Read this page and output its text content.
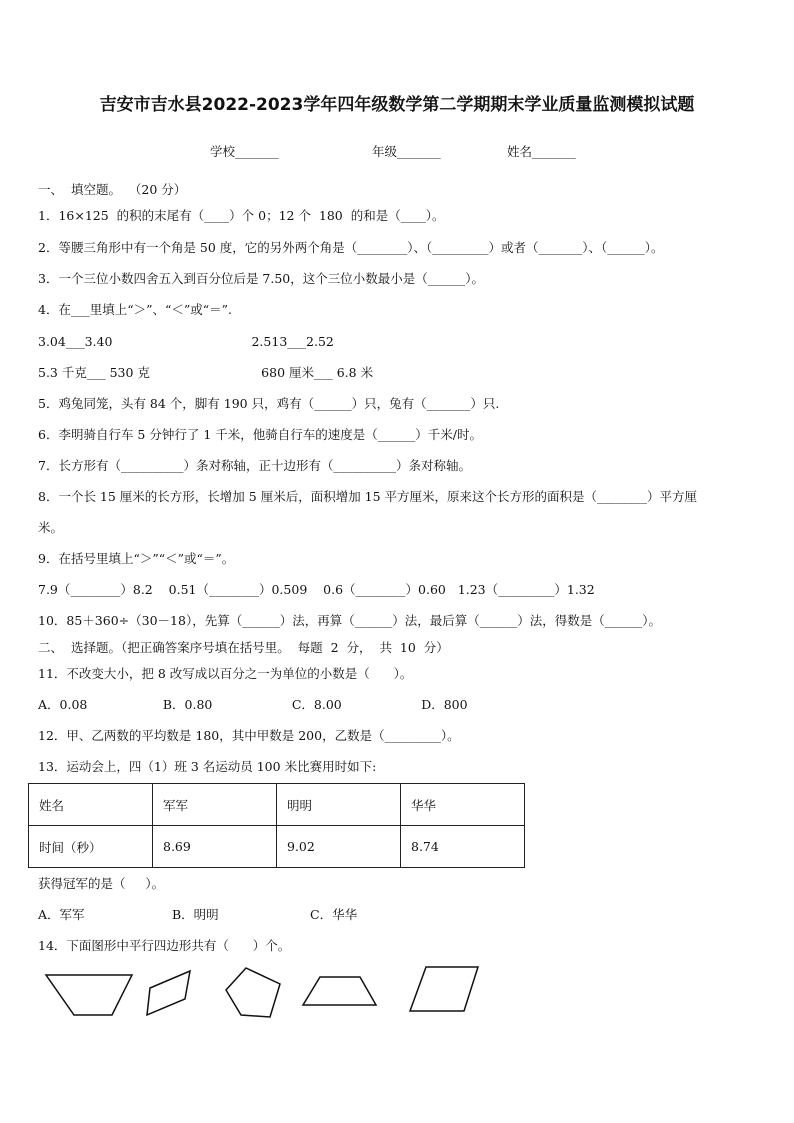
吉安市吉水县2022-2023学年四年级数学第二学期期末学业质量监测模拟试题
学校_______	年级_______	姓名_______
一、  填空题。  （20 分）
1．16×125  的积的末尾有（____）个 0；12 个  180  的和是（____）。
2．等腰三角形中有一个角是 50 度，它的另外两个角是（________）、（_________）或者（_______）、（______）。
3．一个三位小数四舍五入到百分位后是 7.50，这个三位小数最小是（______）。
4．在___里填上“＞”、“＜”或“＝”.
3.04___3.40                                   2.513___2.52
5.3 千克___ 530 克                            680 厘米___ 6.8 米
5．鸡兔同笼，头有 84 个，脚有 190 只，鸡有（______）只，兔有（_______）只.
6．李明骑自行车 5 分钟行了 1 千米，他骑自行车的速度是（______）千米/时。
7．长方形有（__________）条对称轴，正十边形有（__________）条对称轴。
8．一个长 15 厘米的长方形，长增加 5 厘米后，面积增加 15 平方厘米，原来这个长方形的面积是（________）平方厘
米。
9．在括号里填上“＞”“＜”或“＝”。
7.9（________）8.2    0.51（________）0.509    0.6（________）0.60   1.23（_________）1.32
10．85＋360÷（30－18），先算（______）法，再算（______）法，最后算（______）法，得数是（______）。
二、  选择题。（把正确答案序号填在括号里。  每题  2  分，  共  10  分）
11．不改变大小，把 8 改写成以百分之一为单位的小数是（      ）。
A．0.08                   B．0.80                    C．8.00                    D．800
12．甲、乙两数的平均数是 180，其中甲数是 200，乙数是（_________）。
13．运动会上，四（1）班 3 名运动员 100 米比赛用时如下:
姓名	军军	明明	华华
时间（秒）	8.69	9.02	8.74
获得冠军的是（     ）。
A．军军                      B．明明                       C．华华
14．下面图形中平行四边形共有（      ）个。
